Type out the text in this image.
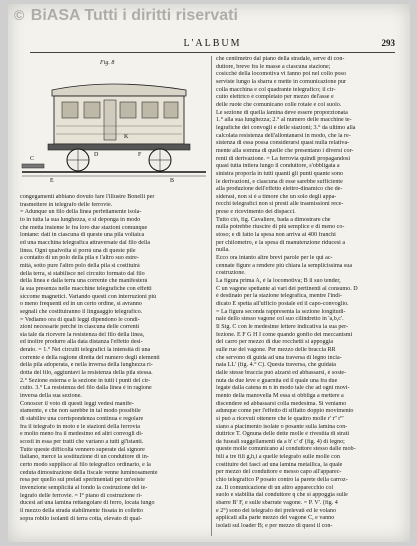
© BiASA Tutti i diritti riservati
L'ALBUM	293
Fig. 8
C
K
D	F
B
E
congegamenti abbiano dovuto fare l'illustre Bonelli per
trasmettere in telegrafo delle ferrovie.
= Adunque un filo della linea perfettamente isola-
to in tutta la sua lunghezza, e si deponga in modo
che metta insieme le fra loro due stazioni comunque
lontane: dati in ciascuna di queste una pila voltaica
ed una macchina telegrafica attraversate dal filo della
linea. Ogni qualvolta si porrà una di queste pile
a contatto di un polo della pila e l'altro suo estre-
mità, sotto pure l'altro polo della pila si costituirà
della terra, si stabilisce nel circuito formato dal filo
della linea e dalla terra una corrente che manifesterà
la sua presenza nelle macchine telegrafiche con effetti
siccome magnetici. Variando questi con interruzioni più
o meno frequenti ed in un certo ordine, si avranno
segnali che costituiranno il linguaggio telegrafico.
= Vediamo ora di quali leggi dipendono le condi-
zioni necessarie perché in ciascuna delle correnti
sia tale da ricevere la resistenza del filo della linea,
ed inoltre produrre alla data distanza l'effetto desi-
derato. = 1.° Nei circuiti telegrafici la intensità di una
corrente e della ragione diretta del numero degli elementi
della pila adoperata, e nella inversa della lunghezza ri-
dotta del filo, aggiuntavi la resistenza della pila stessa.
2.° Sezione esterna e la sezione in tutti i punti del cir-
cuito. 3.° La resistenza del filo dalla linea è in ragione
inversa della sua sezione.
Conoscer il voto di questi leggi vedesi manife-
stamente, e che non sarebbe in tal modo possibile
di stabilire una corrispondenza continua e regolare
fra il telegrafo in moto e le stazioni della ferrovia
e molto meno fra il medesimo ed altri convogli di-
scosti in essa per tratti che variano a tutti gl'istanti.
Tutte queste difficoltà vennero superate dal signore
italiano, mercé la sostituzione di un conduttore di in-
certo modo supplisce al filo telegrafico ordinario, e la
ceduta dimostrazione della fiscale venne luminosamente
resa per quello sui prelati sperimentati per un'esiste
invenzione semplicità al fondo la costruzione del te-
legrafo delle ferrovie. = I° piano di costruzione ri-
ducesi ad una lamina rettangolare di ferro, locata lungo
il mezzo della strada stabilmente fissata in colletto
sopra robilo isolanti di terra cotta, elevato di qual-
che centimetro dal piano della stradale, serve di con-
duttore, breve fra le masse a ciascuna stazione;
cosicché della locomotiva vi fanno poi nel collo poso
serviste lungo la sbarra e mette in comunicazione pur
colla macchina e col quadrante telegrafico; il cir-
cuito elettrico è completato per mezzo del'asse e
delle ruote che comunicano colle rotaie e col suolo.
Le sezione di quella lamina deve essere proporzionata
1.° alla sua lunghezza; 2.° al numero delle macchine te-
legrafiche dei convogli e delle stazioni; 3.° da ultimo alla
calcolata resistenza dell'allontanarsi in modo, che la re-
sistenza di essa possa considerarsi quasi nulla relativa-
mente alla somma di quelle che presentano i diversi cor-
renti di derivazione. = La ferrovia quindi propagandosi
quasi tutta intiera lungo il conduttore, s'obbligata a
sinistra proporla in tutti quanti gli punti quante sono
le derivazioni, e ciascuna di esse sarebbe sufficiente
alla produzione dell'effetto elettro-dinamico che de-
siderasi, non si è a timore che un solo degli appa-
recchi telegrafici non si presti alle trasmissioni rece-
prese e ricevimento dei dispacci.
Tutto ciò, fig. Cavaliere, bada a dimostrare che
nulla potrebbe riuscire di più semplice e di meno co-
stoso; e di fatto la spesa non arriva ai 400 franchi
per chilometro, e la spesa di manutenzione riducesi a
nulla.
Ecco ora intanto altre brevi parole per le qui ac-
cennate figure a rendere più chiara la semplicissima sua
costruzione.
La figura prima A, è la locomotiva; B il suo tender,
C un vagone spettante ai vari dei pertinenti al consumo. D
è destinato per la stazione telegrafica, mentre l'indi-
dicato E spetta all'ufficio postale ed il capo-convoglio.
= La figura seconda rappresenta la sezione longitudi-
nale dello stesso vagone col suo cilindretto in 'a,b,c'.
Il Sig. C con le medesime lettere indicativa la sua per-
fezione. E F G H I come quando gonfio dei meccanismi
del carro per mezzo di due rocchetti si appoggia
sulle rue del vagone. Per mezzo delle braccia RR
che servono di guida ad una traversa di legno incla-
nata LL' (fig. 4.° C). Questa traversa, che guidata
dalle stesse braccia può alzarsi ed abbassarsi, è soste-
nuta da due leve e guarnita ed il quale una fra due
legate dalla catena m n in modo tale che ad ogni movi-
mento della manovella M essa si obbliga a mettere a
discendere ed abbassarsi colla medesima. Si veniamo
adunque come per l'effetto di siffatto doppio movimento
si può a ricevuti ottenere che le quattro molle r' r'' r'''
siano a piacimento isolate o posante sulla lamina con-
duttrice T. Ognuna delle dette molle è rivestita di strati
da fuseali suggellamenti da a b' c' d' (fig. 4) di legno;
queste molle comunicano al conduttore stesso dalle mob-
bili a tre fili g,h,i a quelle telegrafo sulle molle con
costituire dei fasci ad una lamina metallica, la quale
per mezzo del conduttore e messo capo all'apparec-
chio telegrafico P posato contro la parete della carroz-
za. Il comunicazione di un altro apparecchio col
suolo e stabilita dal conduttore q che si appoggia sulle
sbarre B' F, e sulle sbarrate vagone. = P. V'. (fig. 4
e 2°) sono del telegrafo dei prelevati ed le volano
applicati alla parte mezzo del vagone C, e vanno
isolati sul loader B; e per mezzo di quest il con-
